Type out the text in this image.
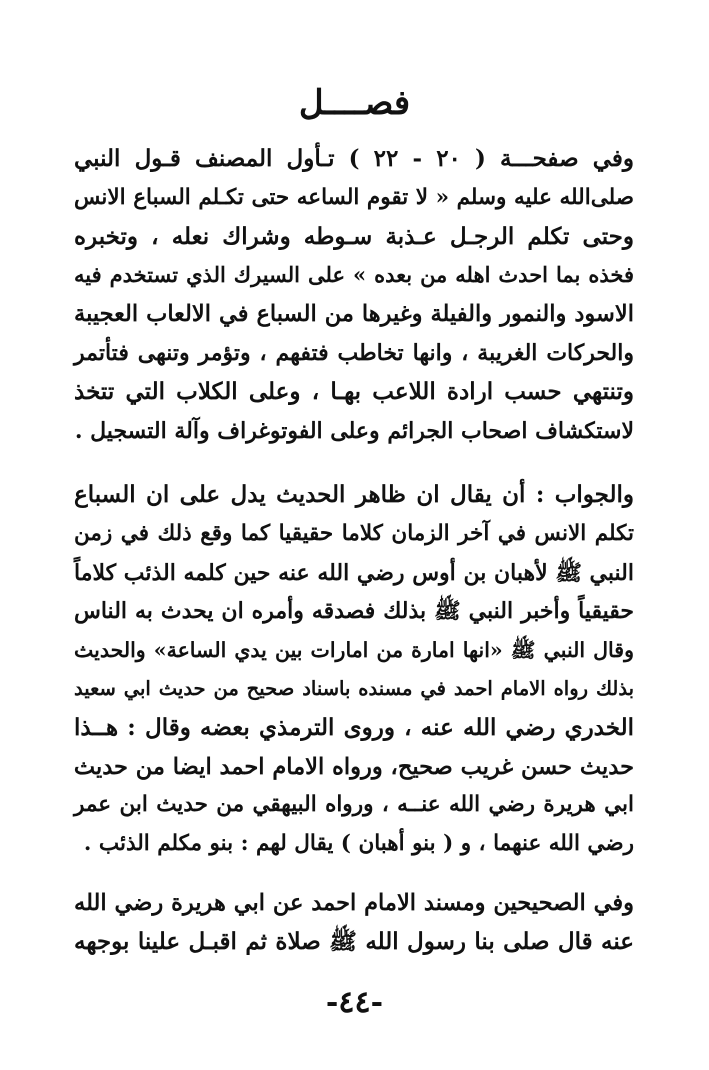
فصــــل

وفي صفحـــة ( ٢٠ - ٢٢ ) تـأول المصنف قـول النبي
صلى‌الله عليه وسلم « لا تقوم الساعه حتى تكـلم السباع الانس
وحتى تكلم الرجـل عـذبة سـوطه وشراك نعله ، وتخبره
فخذه بما احدث اهله من بعده » على السيرك الذي تستخدم فيه
الاسود والنمور والفيلة وغيرها من السباع في الالعاب العجيبة
والحركات الغريبة ، وانها تخاطب فتفهم ، وتؤمر وتنهى فتأتمر
وتنتهي حسب ارادة اللاعب بهـا ، وعلى الكلاب التي تتخذ
لاستكشاف اصحاب الجرائم وعلى الفوتوغراف وآلة التسجيل .

والجواب : أن يقال ان ظاهر الحديث يدل على ان السباع
تكلم الانس في آخر الزمان كلاما حقيقيا كما وقع ذلك في زمن
النبي ﷺ لأهبان بن أوس رضي الله عنه حين كلمه الذئب كلاماً
حقيقياً وأخبر النبي ﷺ بذلك فصدقه وأمره ان يحدث به الناس
وقال النبي ﷺ «انها امارة من امارات بين يدي الساعة» والحديث
بذلك رواه الامام احمد في مسنده باسناد صحيح من حديث ابي سعيد
الخدري رضي الله عنه ، وروى الترمذي بعضه وقال : هــذا
حديث حسن غريب صحيح، ورواه الامام احمد ايضا من حديث
ابي هريرة رضي الله عنــه ، ورواه البيهقي من حديث ابن عمر
رضي الله عنهما ، و ( بنو أهبان ) يقال لهم : بنو مكلم الذئب .

وفي الصحيحين ومسند الامام احمد عن ابي هريرة رضي الله
عنه قال صلى بنا رسول الله ﷺ صلاة ثم اقبـل علينا بوجهه

-٤٤-
